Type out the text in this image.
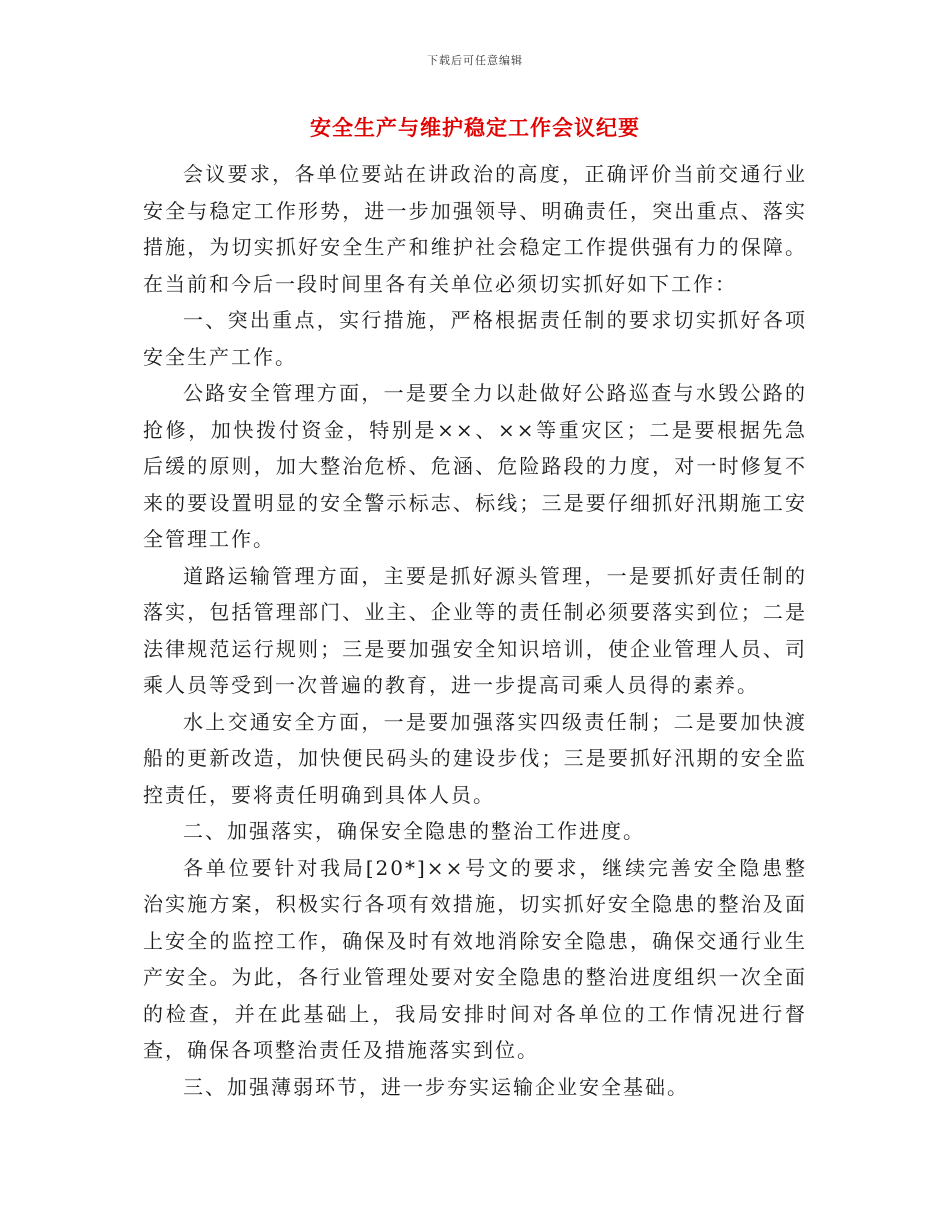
下载后可任意编辑
安全生产与维护稳定工作会议纪要

会议要求，各单位要站在讲政治的高度，正确评价当前交通行业安全与稳定工作形势，进一步加强领导、明确责任，突出重点、落实措施，为切实抓好安全生产和维护社会稳定工作提供强有力的保障。在当前和今后一段时间里各有关单位必须切实抓好如下工作：

一、突出重点，实行措施，严格根据责任制的要求切实抓好各项安全生产工作。

公路安全管理方面，一是要全力以赴做好公路巡查与水毁公路的抢修，加快拨付资金，特别是××、××等重灾区；二是要根据先急后缓的原则，加大整治危桥、危涵、危险路段的力度，对一时修复不来的要设置明显的安全警示标志、标线；三是要仔细抓好汛期施工安全管理工作。

道路运输管理方面，主要是抓好源头管理，一是要抓好责任制的落实，包括管理部门、业主、企业等的责任制必须要落实到位；二是法律规范运行规则；三是要加强安全知识培训，使企业管理人员、司乘人员等受到一次普遍的教育，进一步提高司乘人员得的素养。

水上交通安全方面，一是要加强落实四级责任制；二是要加快渡船的更新改造，加快便民码头的建设步伐；三是要抓好汛期的安全监控责任，要将责任明确到具体人员。

二、加强落实，确保安全隐患的整治工作进度。

各单位要针对我局[20*]××号文的要求，继续完善安全隐患整治实施方案，积极实行各项有效措施，切实抓好安全隐患的整治及面上安全的监控工作，确保及时有效地消除安全隐患，确保交通行业生产安全。为此，各行业管理处要对安全隐患的整治进度组织一次全面的检查，并在此基础上，我局安排时间对各单位的工作情况进行督查，确保各项整治责任及措施落实到位。

三、加强薄弱环节，进一步夯实运输企业安全基础。
